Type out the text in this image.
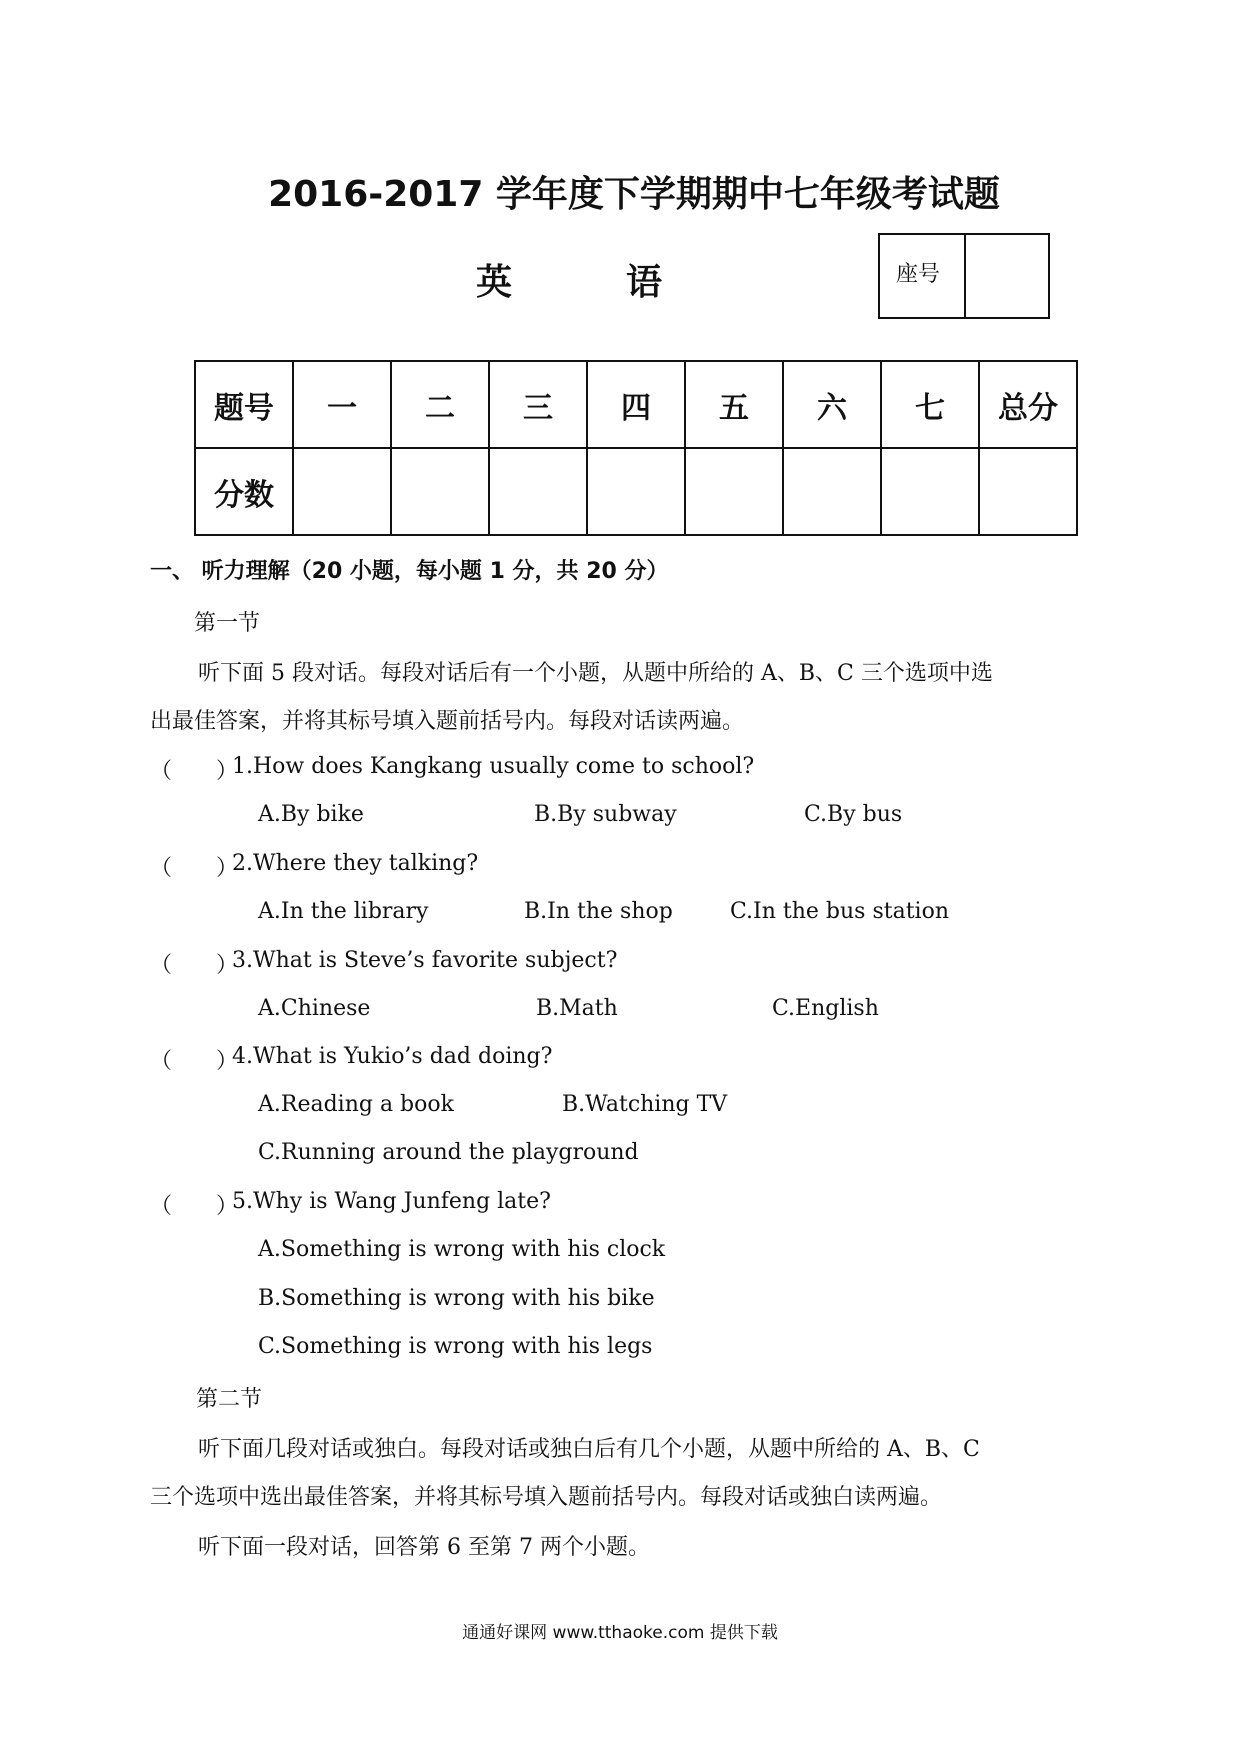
2016-2017 学年度下学期期中七年级考试题
英	语	座号
题号	一	二	三	四	五	六	七	总分
分数								
一、 听力理解（20 小题，每小题 1 分，共 20 分）
第一节
听下面 5 段对话。每段对话后有一个小题，从题中所给的 A、B、C 三个选项中选
出最佳答案，并将其标号填入题前括号内。每段对话读两遍。
（　　）
1.How does Kangkang usually come to school?
A.By bike	B.By subway	C.By bus
（　　）
2.Where they talking?
A.In the library	B.In the shop	C.In the bus station
（　　）
3.What is Steve’s favorite subject?
A.Chinese	B.Math	C.English
（　　）
4.What is Yukio’s dad doing?
A.Reading a book	B.Watching TV
C.Running around the playground
（　　）
5.Why is Wang Junfeng late?
A.Something is wrong with his clock
B.Something is wrong with his bike
C.Something is wrong with his legs
第二节
听下面几段对话或独白。每段对话或独白后有几个小题，从题中所给的 A、B、C
三个选项中选出最佳答案，并将其标号填入题前括号内。每段对话或独白读两遍。
听下面一段对话，回答第 6 至第 7 两个小题。
通通好课网 www.tthaoke.com 提供下载
